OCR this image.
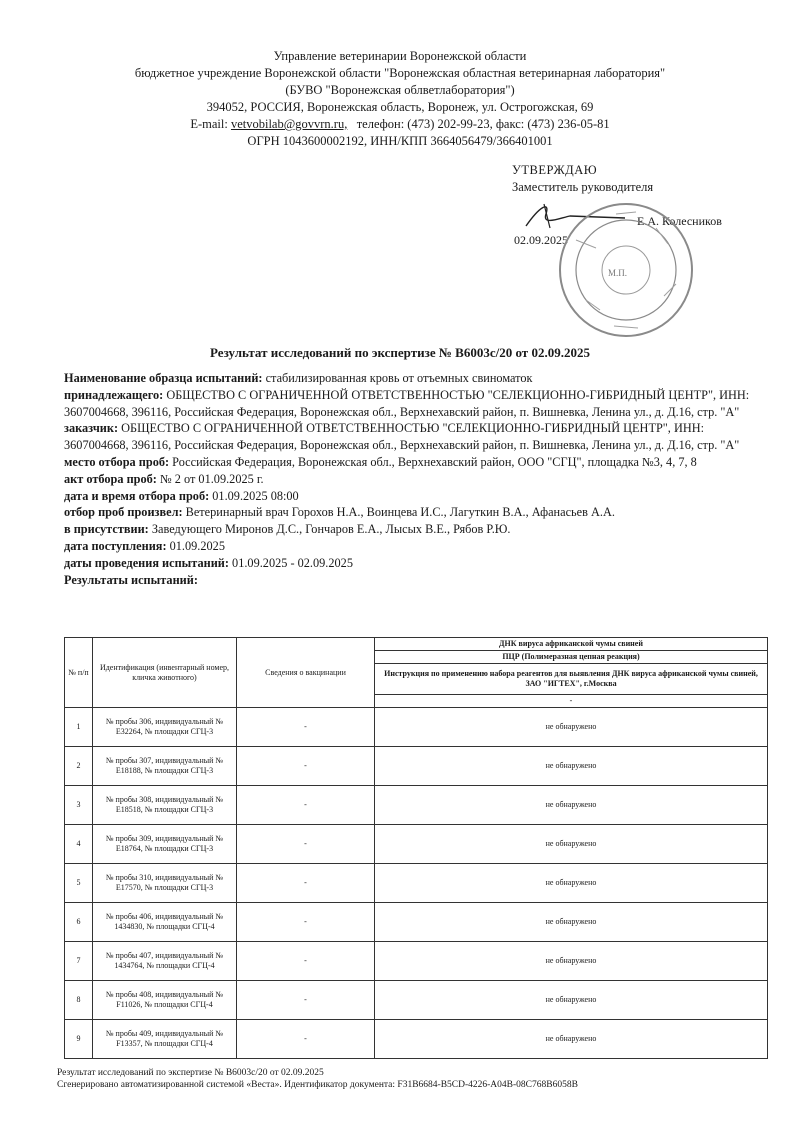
Управление ветеринарии Воронежской области
бюджетное учреждение Воронежской области "Воронежская областная ветеринарная лаборатория"
(БУВО "Воронежская облветлаборатория")
394052, РОССИЯ, Воронежская область, Воронеж, ул. Острогожская, 69
E-mail: vetvobilab@govvrn.ru, телефон: (473) 202-99-23, факс: (473) 236-05-81
ОГРН 1043600002192, ИНН/КПП 3664056479/366401001
УТВЕРЖДАЮ
Заместитель руководителя
Е.А. Колесников
02.09.2025
М.П.
Результат исследований по экспертизе № В6003с/20 от 02.09.2025

Наименование образца испытаний: стабилизированная кровь от отъемных свиноматок

принадлежащего: ОБЩЕСТВО С ОГРАНИЧЕННОЙ ОТВЕТСТВЕННОСТЬЮ "СЕЛЕКЦИОННО-ГИБРИДНЫЙ ЦЕНТР", ИНН: 3607004668, 396116, Российская Федерация, Воронежская обл., Верхнехавский район, п. Вишневка, Ленина ул., д. Д.16, стр. "А"

заказчик: ОБЩЕСТВО С ОГРАНИЧЕННОЙ ОТВЕТСТВЕННОСТЬЮ "СЕЛЕКЦИОННО-ГИБРИДНЫЙ ЦЕНТР", ИНН: 3607004668, 396116, Российская Федерация, Воронежская обл., Верхнехавский район, п. Вишневка, Ленина ул., д. Д.16, стр. "А"

место отбора проб: Российская Федерация, Воронежская обл., Верхнехавский район, ООО "СГЦ", площадка №3, 4, 7, 8

акт отбора проб: № 2 от 01.09.2025 г.

дата и время отбора проб: 01.09.2025 08:00

отбор проб произвел: Ветеринарный врач Горохов Н.А., Воинцева И.С., Лагуткин В.А., Афанасьев А.А.

в присутствии: Заведующего Миронов Д.С., Гончаров Е.А., Лысых В.Е., Рябов Р.Ю.

дата поступления: 01.09.2025

даты проведения испытаний: 01.09.2025 - 02.09.2025

Результаты испытаний:

№ п/п	Идентификация (инвентарный номер, кличка животного)	Сведения о вакцинации	ДНК вируса африканской чумы свиней
			ПЦР (Полимеразная цепная реакция)
			Инструкция по применению набора реагентов для выявления ДНК вируса африканской чумы свиней, ЗАО "ИГТЕХ", г.Москва
			-
1	№ пробы 306, индивидуальный № E32264, № площадки СГЦ-3	-	не обнаружено
2	№ пробы 307, индивидуальный № E18188, № площадки СГЦ-3	-	не обнаружено
3	№ пробы 308, индивидуальный № E18518, № площадки СГЦ-3	-	не обнаружено
4	№ пробы 309, индивидуальный № E18764, № площадки СГЦ-3	-	не обнаружено
5	№ пробы 310, индивидуальный № E17570, № площадки СГЦ-3	-	не обнаружено
6	№ пробы 406, индивидуальный № 1434830, № площадки СГЦ-4	-	не обнаружено
7	№ пробы 407, индивидуальный № 1434764, № площадки СГЦ-4	-	не обнаружено
8	№ пробы 408, индивидуальный № F11026, № площадки СГЦ-4	-	не обнаружено
9	№ пробы 409, индивидуальный № F13357, № площадки СГЦ-4	-	не обнаружено
Результат исследований по экспертизе № В6003с/20 от 02.09.2025
Сгенерировано автоматизированной системой «Веста». Идентификатор документа: F31B6684-B5CD-4226-A04B-08C768B6058B
